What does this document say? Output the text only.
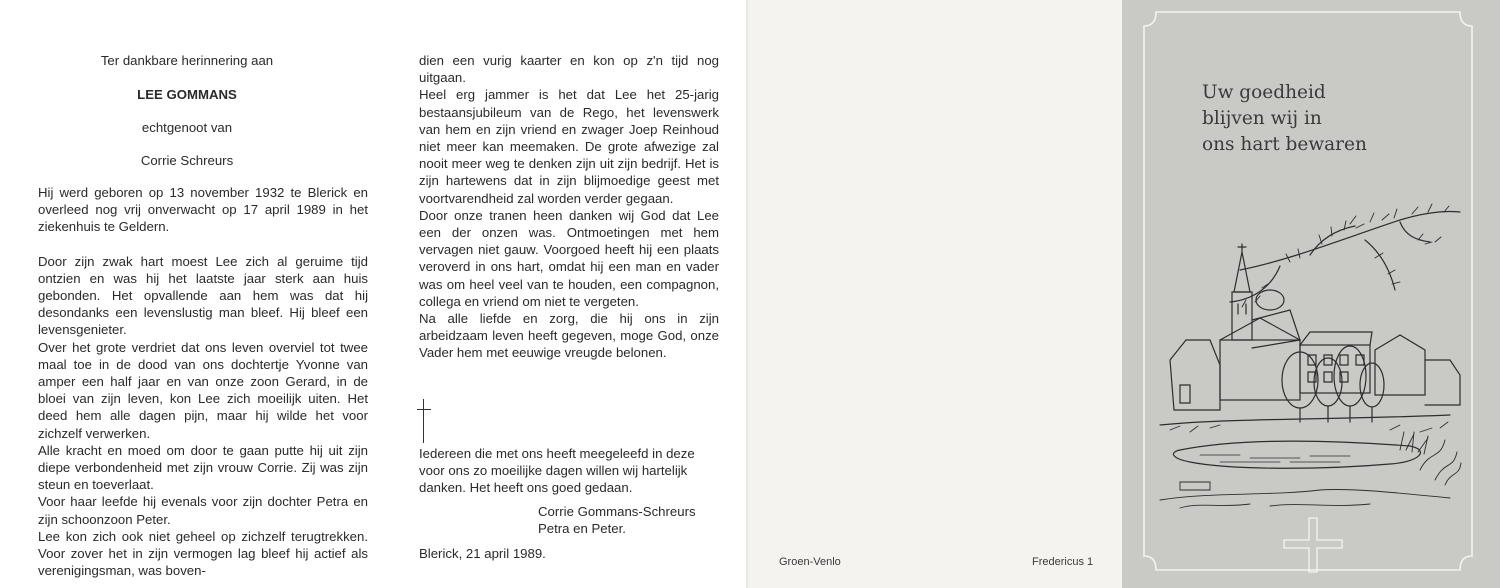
Ter dankbare herinnering aan
LEE GOMMANS
echtgenoot van
Corrie Schreurs

Hij werd geboren op 13 november 1932 te Blerick en overleed nog vrij onverwacht op 17 april 1989 in het ziekenhuis te Geldern.

Door zijn zwak hart moest Lee zich al geruime tijd ontzien en was hij het laatste jaar sterk aan huis gebonden. Het opvallende aan hem was dat hij desondanks een levenslustig man bleef. Hij bleef een levensgenieter.

Over het grote verdriet dat ons leven overviel tot twee maal toe in de dood van ons dochtertje Yvonne van amper een half jaar en van onze zoon Gerard, in de bloei van zijn leven, kon Lee zich moeilijk uiten. Het deed hem alle dagen pijn, maar hij wilde het voor zichzelf verwerken.

Alle kracht en moed om door te gaan putte hij uit zijn diepe verbondenheid met zijn vrouw Corrie. Zij was zijn steun en toeverlaat.

Voor haar leefde hij evenals voor zijn dochter Petra en zijn schoonzoon Peter.

Lee kon zich ook niet geheel op zichzelf terugtrekken. Voor zover het in zijn vermogen lag bleef hij actief als verenigingsman, was boven-

dien een vurig kaarter en kon op z'n tijd nog uitgaan.

Heel erg jammer is het dat Lee het 25-jarig bestaansjubileum van de Rego, het levenswerk van hem en zijn vriend en zwager Joep Reinhoud niet meer kan meemaken. De grote afwezige zal nooit meer weg te denken zijn uit zijn bedrijf. Het is zijn hartewens dat in zijn blijmoedige geest met voortvarendheid zal worden verder gegaan.

Door onze tranen heen danken wij God dat Lee een der onzen was. Ontmoetingen met hem vervagen niet gauw. Voorgoed heeft hij een plaats veroverd in ons hart, omdat hij een man en vader was om heel veel van te houden, een compagnon, collega en vriend om niet te vergeten.

Na alle liefde en zorg, die hij ons in zijn arbeidzaam leven heeft gegeven, moge God, onze Vader hem met eeuwige vreugde belonen.

Iedereen die met ons heeft meegeleefd in deze voor ons zo moeilijke dagen willen wij hartelijk danken. Het heeft ons goed gedaan.

Corrie Gommans-Schreurs

Petra en Peter.

Blerick, 21 april 1989.
Groen-Venlo	Fredericus 1
Uw goedheid
blijven wij in
ons hart bewaren
